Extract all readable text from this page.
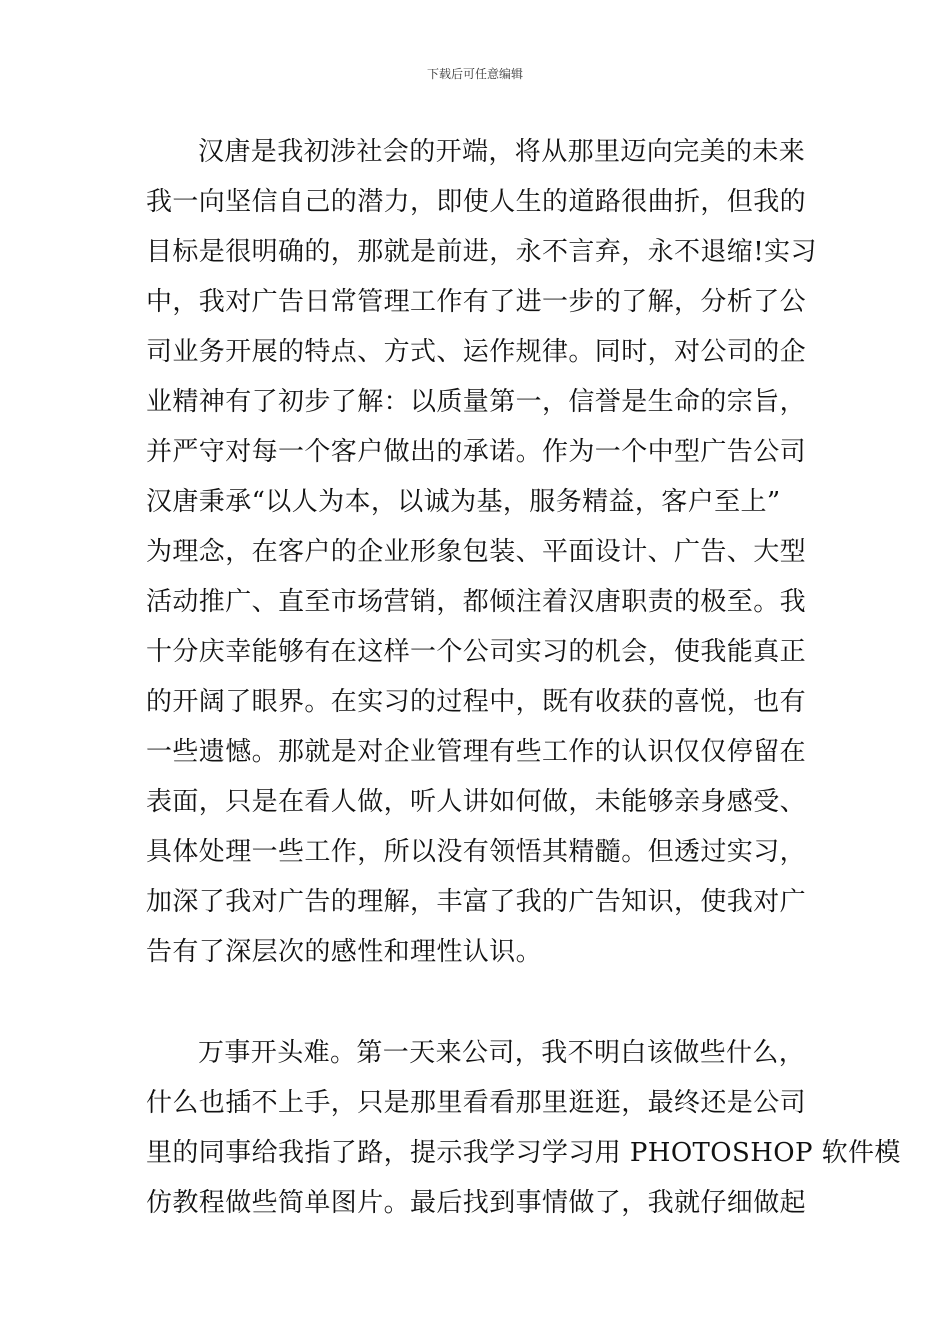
下载后可任意编辑
汉唐是我初涉社会的开端，将从那里迈向完美的未来
我一向坚信自己的潜力，即使人生的道路很曲折，但我的
目标是很明确的，那就是前进，永不言弃，永不退缩!实习
中，我对广告日常管理工作有了进一步的了解，分析了公
司业务开展的特点、方式、运作规律。同时，对公司的企
业精神有了初步了解：以质量第一，信誉是生命的宗旨，
并严守对每一个客户做出的承诺。作为一个中型广告公司
汉唐秉承“以人为本，以诚为基，服务精益，客户至上”
为理念，在客户的企业形象包装、平面设计、广告、大型
活动推广、直至市场营销，都倾注着汉唐职责的极至。我
十分庆幸能够有在这样一个公司实习的机会，使我能真正
的开阔了眼界。在实习的过程中，既有收获的喜悦，也有
一些遗憾。那就是对企业管理有些工作的认识仅仅停留在
表面，只是在看人做，听人讲如何做，未能够亲身感受、
具体处理一些工作，所以没有领悟其精髓。但透过实习，
加深了我对广告的理解，丰富了我的广告知识，使我对广
告有了深层次的感性和理性认识。
万事开头难。第一天来公司，我不明白该做些什么，
什么也插不上手，只是那里看看那里逛逛，最终还是公司
里的同事给我指了路，提示我学习学习用 PHOTOSHOP 软件模
仿教程做些简单图片。最后找到事情做了，我就仔细做起
